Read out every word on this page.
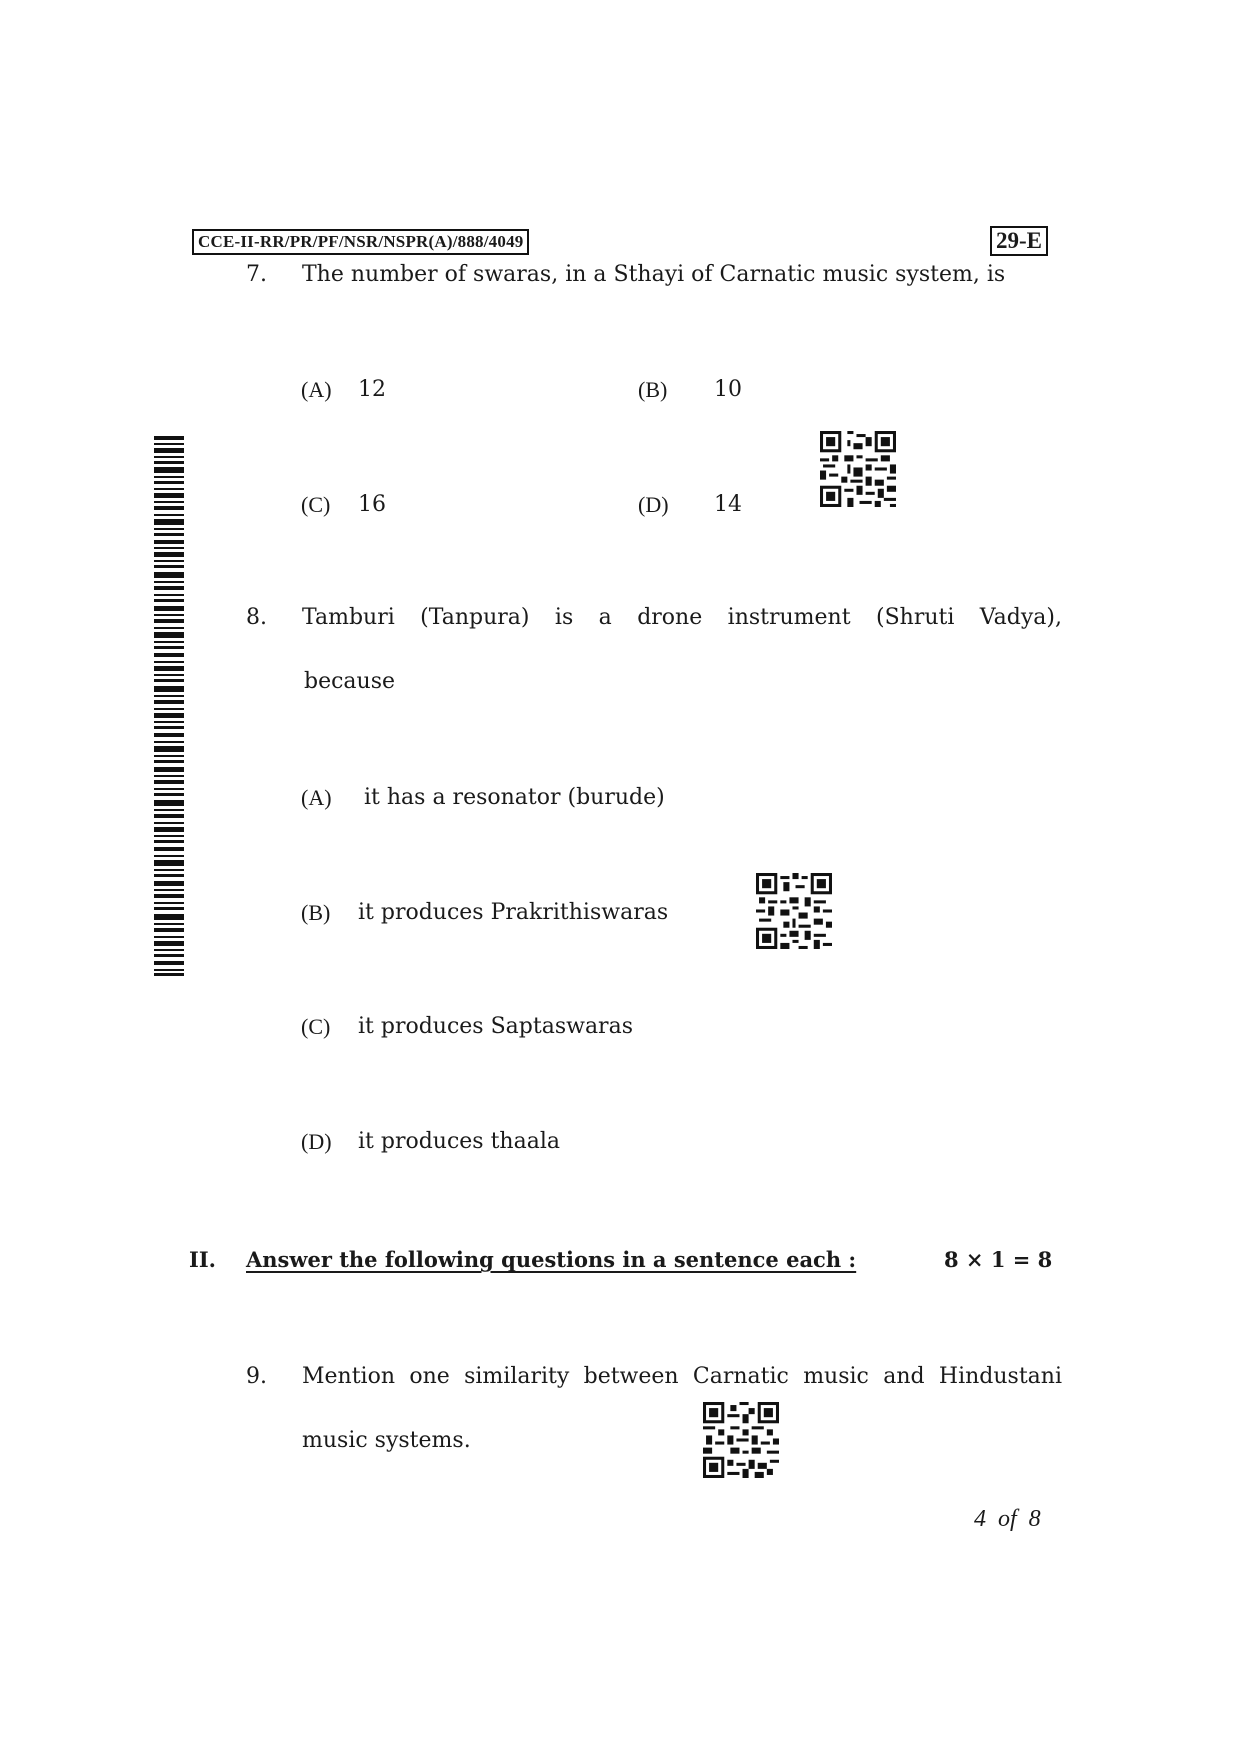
CCE-II-RR/PR/PF/NSR/NSPR(A)/888/4049	29-E
7. The number of swaras, in a Sthayi of Carnatic music system, is
(A) 12	(B) 10
(C) 16	(D) 14
8. Tamburi (Tanpura) is a drone instrument (Shruti Vadya),
because
(A) it has a resonator (burude)
(B) it produces Prakrithiswaras
(C) it produces Saptaswaras
(D) it produces thaala
II. Answer the following questions in a sentence each :	8 × 1 = 8
9. Mention one similarity between Carnatic music and Hindustani
music systems.
4 of 8
